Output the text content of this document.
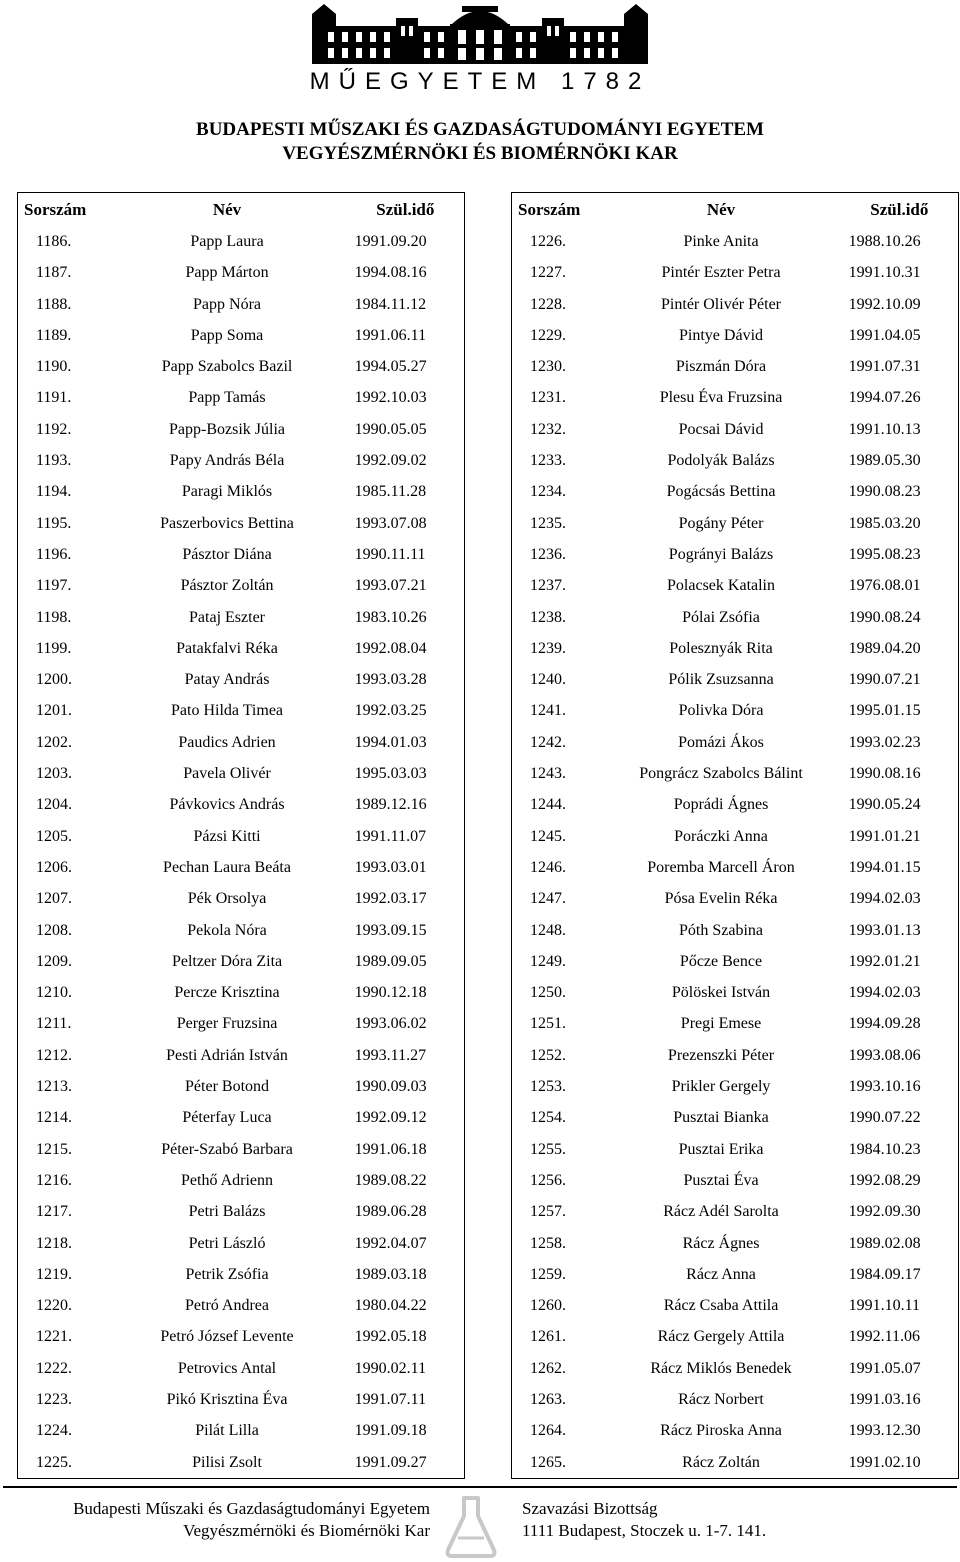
MŰEGYETEM 1782
BUDAPESTI MŰSZAKI ÉS GAZDASÁGTUDOMÁNYI EGYETEM
VEGYÉSZMÉRNÖKI ÉS BIOMÉRNÖKI KAR
Sorszám	Név	Szül.idő
1186.	Papp Laura	1991.09.20
1187.	Papp Márton	1994.08.16
1188.	Papp Nóra	1984.11.12
1189.	Papp Soma	1991.06.11
1190.	Papp Szabolcs Bazil	1994.05.27
1191.	Papp Tamás	1992.10.03
1192.	Papp-Bozsik Júlia	1990.05.05
1193.	Papy András Béla	1992.09.02
1194.	Paragi Miklós	1985.11.28
1195.	Paszerbovics Bettina	1993.07.08
1196.	Pásztor Diána	1990.11.11
1197.	Pásztor Zoltán	1993.07.21
1198.	Pataj Eszter	1983.10.26
1199.	Patakfalvi Réka	1992.08.04
1200.	Patay András	1993.03.28
1201.	Pato Hilda Timea	1992.03.25
1202.	Paudics Adrien	1994.01.03
1203.	Pavela Olivér	1995.03.03
1204.	Pávkovics András	1989.12.16
1205.	Pázsi Kitti	1991.11.07
1206.	Pechan Laura Beáta	1993.03.01
1207.	Pék Orsolya	1992.03.17
1208.	Pekola Nóra	1993.09.15
1209.	Peltzer Dóra Zita	1989.09.05
1210.	Percze Krisztina	1990.12.18
1211.	Perger Fruzsina	1993.06.02
1212.	Pesti Adrián István	1993.11.27
1213.	Péter Botond	1990.09.03
1214.	Péterfay Luca	1992.09.12
1215.	Péter-Szabó Barbara	1991.06.18
1216.	Pethő Adrienn	1989.08.22
1217.	Petri Balázs	1989.06.28
1218.	Petri László	1992.04.07
1219.	Petrik Zsófia	1989.03.18
1220.	Petró Andrea	1980.04.22
1221.	Petró József Levente	1992.05.18
1222.	Petrovics Antal	1990.02.11
1223.	Pikó Krisztina Éva	1991.07.11
1224.	Pilát Lilla	1991.09.18
1225.	Pilisi Zsolt	1991.09.27
Sorszám	Név	Szül.idő
1226.	Pinke Anita	1988.10.26
1227.	Pintér Eszter Petra	1991.10.31
1228.	Pintér Olivér Péter	1992.10.09
1229.	Pintye Dávid	1991.04.05
1230.	Piszmán Dóra	1991.07.31
1231.	Plesu Éva Fruzsina	1994.07.26
1232.	Pocsai Dávid	1991.10.13
1233.	Podolyák Balázs	1989.05.30
1234.	Pogácsás Bettina	1990.08.23
1235.	Pogány Péter	1985.03.20
1236.	Pogrányi Balázs	1995.08.23
1237.	Polacsek Katalin	1976.08.01
1238.	Pólai Zsófia	1990.08.24
1239.	Polesznyák Rita	1989.04.20
1240.	Pólik Zsuzsanna	1990.07.21
1241.	Polivka Dóra	1995.01.15
1242.	Pomázi Ákos	1993.02.23
1243.	Pongrácz Szabolcs Bálint	1990.08.16
1244.	Poprádi Ágnes	1990.05.24
1245.	Poráczki Anna	1991.01.21
1246.	Poremba Marcell Áron	1994.01.15
1247.	Pósa Evelin Réka	1994.02.03
1248.	Póth Szabina	1993.01.13
1249.	Pőcze Bence	1992.01.21
1250.	Pölöskei István	1994.02.03
1251.	Pregi Emese	1994.09.28
1252.	Prezenszki Péter	1993.08.06
1253.	Prikler Gergely	1993.10.16
1254.	Pusztai Bianka	1990.07.22
1255.	Pusztai Erika	1984.10.23
1256.	Pusztai Éva	1992.08.29
1257.	Rácz Adél Sarolta	1992.09.30
1258.	Rácz Ágnes	1989.02.08
1259.	Rácz Anna	1984.09.17
1260.	Rácz Csaba Attila	1991.10.11
1261.	Rácz Gergely Attila	1992.11.06
1262.	Rácz Miklós Benedek	1991.05.07
1263.	Rácz Norbert	1991.03.16
1264.	Rácz Piroska Anna	1993.12.30
1265.	Rácz Zoltán	1991.02.10
Budapesti Műszaki és Gazdaságtudományi Egyetem
Vegyészmérnöki és Biomérnöki Kar
Szavazási Bizottság
1111 Budapest, Stoczek u. 1-7. 141.
